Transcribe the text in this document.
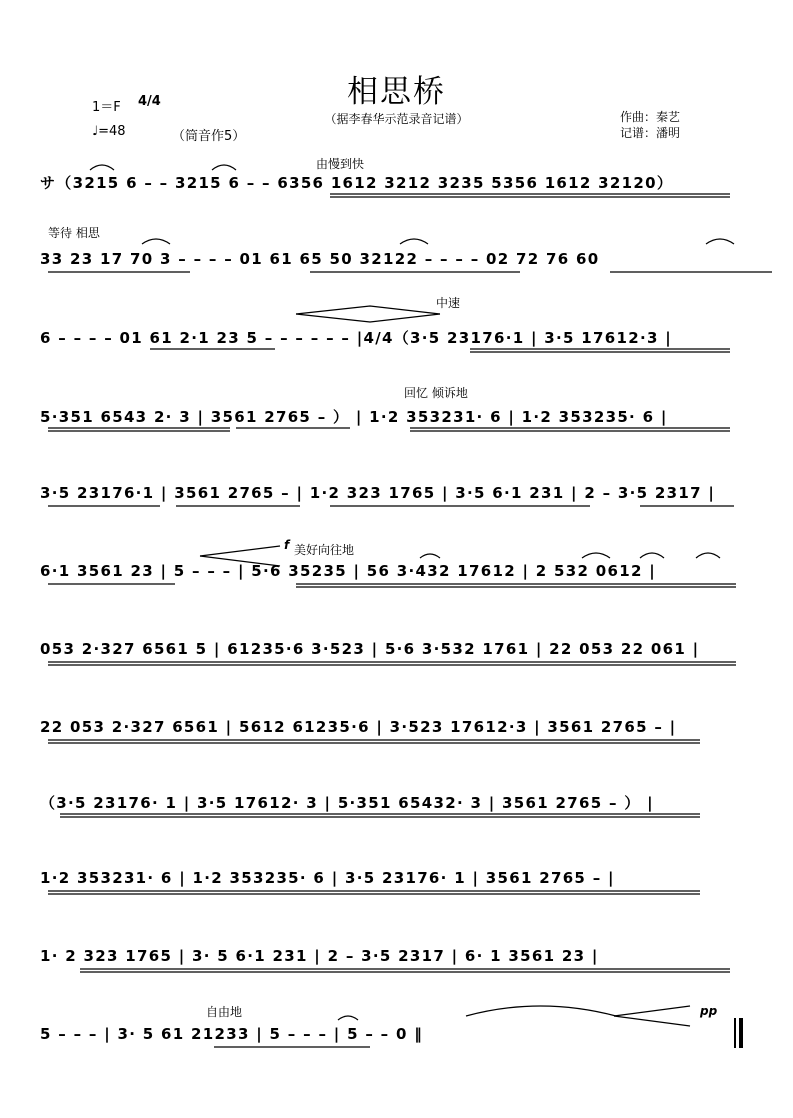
相思桥
（据李春华示范录音记谱）
1＝F 4/4
♩=48	（筒音作5）
作曲：秦艺
记谱：潘明
由慢到快
等待 相思
中速
回忆 倾诉地
f 美好向往地
自由地	pp
サ（3215 6 – – 3215 6 – – 6356 1612 3212 3235 5356 1612 32120）
33 23 17 70 3 – – – – 01 61 65 50 32122 – – – – 02 72 76 60
6 – – – – 01 61 2·1 23 5 – – – – – – |4/4（3·5 23176·1 | 3·5 17612·3 |
5·351 6543 2· 3 | 3561 2765 – ） | 1·2 353231· 6 | 1·2 353235· 6 |
3·5 23176·1 | 3561 2765 – | 1·2 323 1765 | 3·5 6·1 231 | 2 – 3·5 2317 |
6·1 3561 23 | 5 – – – | 5·6 35235 | 56 3·432 17612 | 2 532 0612 |
053 2·327 6561 5 | 61235·6 3·523 | 5·6 3·532 1761 | 22 053 22 061 |
22 053 2·327 6561 | 5612 61235·6 | 3·523 17612·3 | 3561 2765 – |
（3·5 23176· 1 | 3·5 17612· 3 | 5·351 65432· 3 | 3561 2765 – ） |
1·2 353231· 6 | 1·2 353235· 6 | 3·5 23176· 1 | 3561 2765 – |
1· 2 323 1765 | 3· 5 6·1 231 | 2 – 3·5 2317 | 6· 1 3561 23 |
5 – – – | 3· 5 61 21233 | 5 – – – | 5 – – 0 ‖
